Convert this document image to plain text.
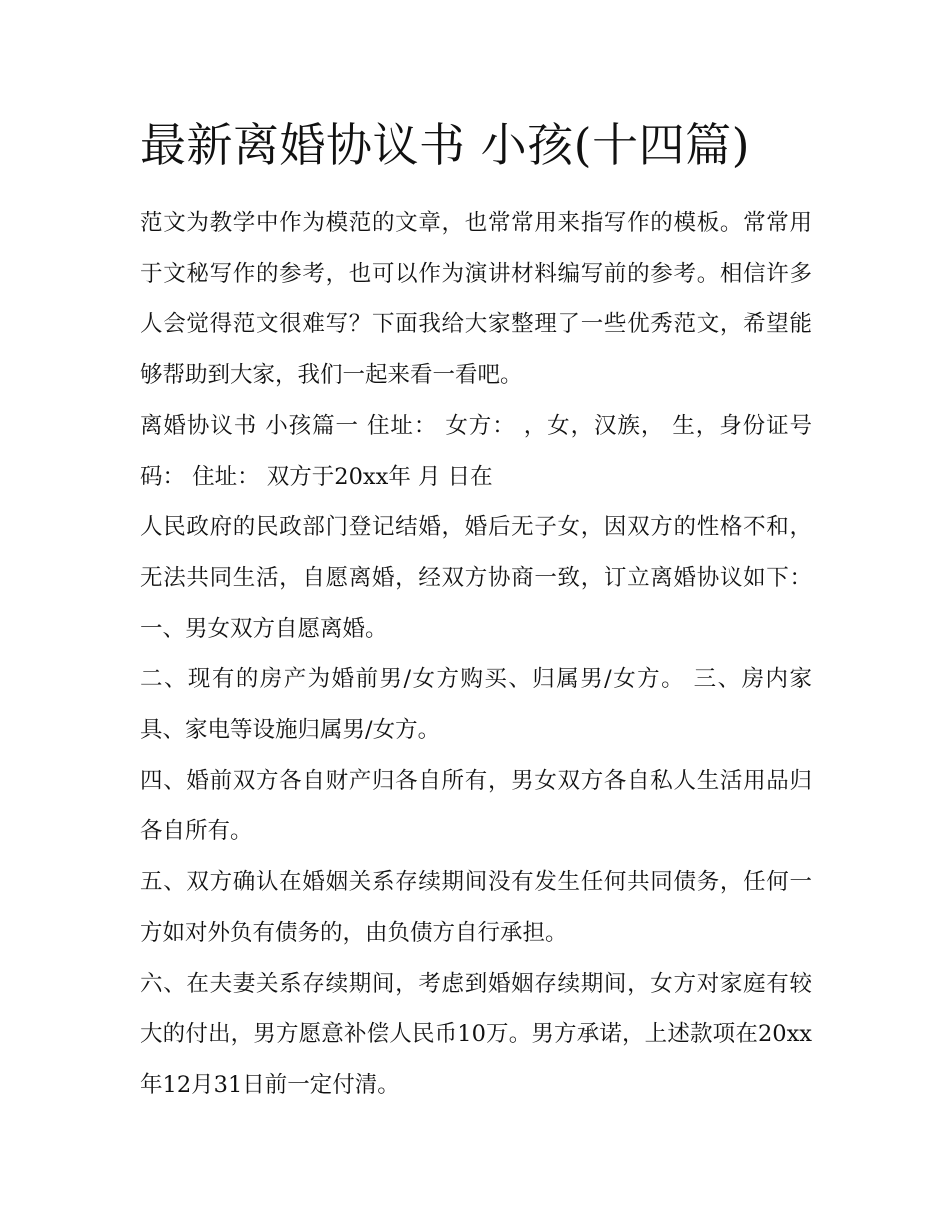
最新离婚协议书 小孩(十四篇)

范文为教学中作为模范的文章，也常常用来指写作的模板。常常用于文秘写作的参考，也可以作为演讲材料编写前的参考。相信许多人会觉得范文很难写？下面我给大家整理了一些优秀范文，希望能够帮助到大家，我们一起来看一看吧。

离婚协议书 小孩篇一 住址： 女方： ，女，汉族， 生，身份证号码： 住址： 双方于20xx年 月 日在

人民政府的民政部门登记结婚，婚后无子女，因双方的性格不和，无法共同生活，自愿离婚，经双方协商一致，订立离婚协议如下： 一、男女双方自愿离婚。

二、现有的房产为婚前男/女方购买、归属男/女方。 三、房内家具、家电等设施归属男/女方。

四、婚前双方各自财产归各自所有，男女双方各自私人生活用品归各自所有。

五、双方确认在婚姻关系存续期间没有发生任何共同债务，任何一方如对外负有债务的，由负债方自行承担。

六、在夫妻关系存续期间，考虑到婚姻存续期间，女方对家庭有较大的付出，男方愿意补偿人民币10万。男方承诺，上述款项在20xx年12月31日前一定付清。
